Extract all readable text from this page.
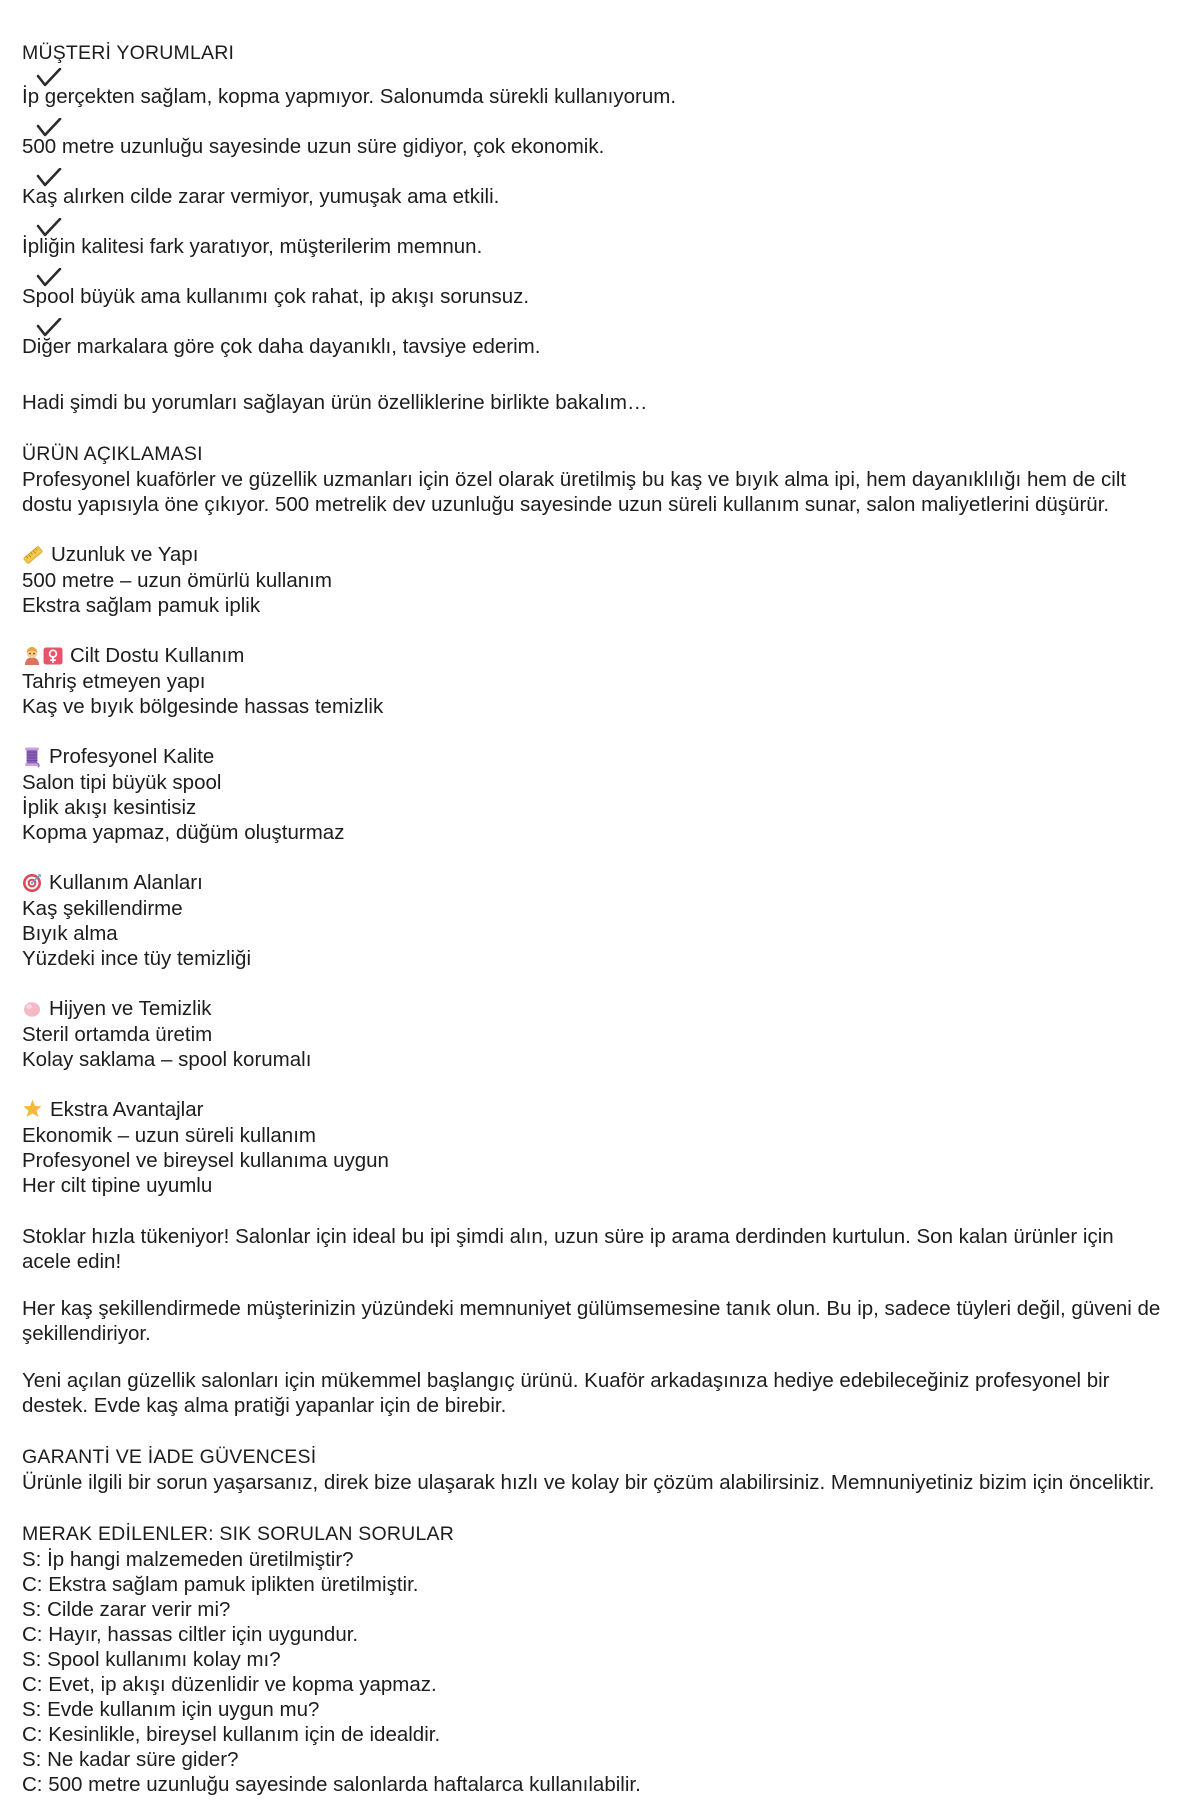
MÜŞTERİ YORUMLARI

İp gerçekten sağlam, kopma yapmıyor. Salonumda sürekli kullanıyorum.

500 metre uzunluğu sayesinde uzun süre gidiyor, çok ekonomik.

Kaş alırken cilde zarar vermiyor, yumuşak ama etkili.

İpliğin kalitesi fark yaratıyor, müşterilerim memnun.

Spool büyük ama kullanımı çok rahat, ip akışı sorunsuz.

Diğer markalara göre çok daha dayanıklı, tavsiye ederim.

Hadi şimdi bu yorumları sağlayan ürün özelliklerine birlikte bakalım…

ÜRÜN AÇIKLAMASI

Profesyonel kuaförler ve güzellik uzmanları için özel olarak üretilmiş bu kaş ve bıyık alma ipi, hem dayanıklılığı hem de cilt dostu yapısıyla öne çıkıyor. 500 metrelik dev uzunluğu sayesinde uzun süreli kullanım sunar, salon maliyetlerini düşürür.

Uzunluk ve Yapı

500 metre – uzun ömürlü kullanım

Ekstra sağlam pamuk iplik

Cilt Dostu Kullanım

Tahriş etmeyen yapı

Kaş ve bıyık bölgesinde hassas temizlik

Profesyonel Kalite

Salon tipi büyük spool

İplik akışı kesintisiz

Kopma yapmaz, düğüm oluşturmaz

Kullanım Alanları

Kaş şekillendirme

Bıyık alma

Yüzdeki ince tüy temizliği

Hijyen ve Temizlik

Steril ortamda üretim

Kolay saklama – spool korumalı

Ekstra Avantajlar

Ekonomik – uzun süreli kullanım

Profesyonel ve bireysel kullanıma uygun

Her cilt tipine uyumlu

Stoklar hızla tükeniyor! Salonlar için ideal bu ipi şimdi alın, uzun süre ip arama derdinden kurtulun. Son kalan ürünler için acele edin!

Her kaş şekillendirmede müşterinizin yüzündeki memnuniyet gülümsemesine tanık olun. Bu ip, sadece tüyleri değil, güveni de şekillendiriyor.

Yeni açılan güzellik salonları için mükemmel başlangıç ürünü. Kuaför arkadaşınıza hediye edebileceğiniz profesyonel bir destek. Evde kaş alma pratiği yapanlar için de birebir.

GARANTİ VE İADE GÜVENCESİ

Ürünle ilgili bir sorun yaşarsanız, direk bize ulaşarak hızlı ve kolay bir çözüm alabilirsiniz. Memnuniyetiniz bizim için önceliktir.

MERAK EDİLENLER: SIK SORULAN SORULAR

S: İp hangi malzemeden üretilmiştir?

C: Ekstra sağlam pamuk iplikten üretilmiştir.

S: Cilde zarar verir mi?

C: Hayır, hassas ciltler için uygundur.

S: Spool kullanımı kolay mı?

C: Evet, ip akışı düzenlidir ve kopma yapmaz.

S: Evde kullanım için uygun mu?

C: Kesinlikle, bireysel kullanım için de idealdir.

S: Ne kadar süre gider?

C: 500 metre uzunluğu sayesinde salonlarda haftalarca kullanılabilir.
